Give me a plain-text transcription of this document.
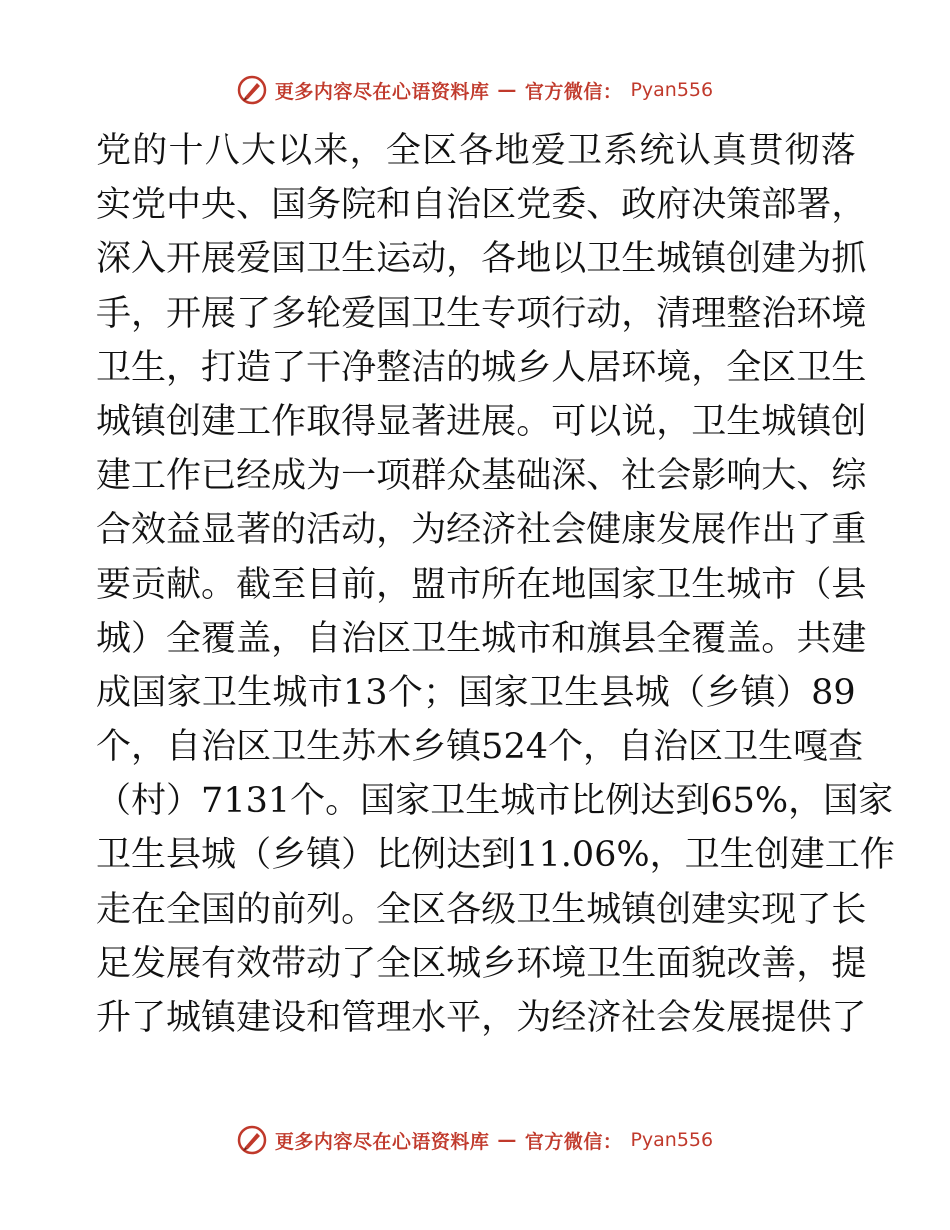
更多内容尽在心语资料库 — 官方微信： Pyan556
党 的 十 八 大 以 来 ， 全 区 各 地 爱 卫 系 统 认 真 贯 彻 落
实 党 中 央 、 国 务 院 和 自 治 区 党 委 、 政 府 决 策 部 署 ，
深 入 开 展 爱 国 卫 生 运 动 ， 各 地 以 卫 生 城 镇 创 建 为 抓
手 ， 开 展 了 多 轮 爱 国 卫 生 专 项 行 动 ， 清 理 整 治 环 境
卫 生 ， 打 造 了 干 净 整 洁 的 城 乡 人 居 环 境 ， 全 区 卫 生
城 镇 创 建 工 作 取 得 显 著 进 展 。 可 以 说 ， 卫 生 城 镇 创
建 工 作 已 经 成 为 一 项 群 众 基 础 深 、 社 会 影 响 大 、 综
合 效 益 显 著 的 活 动 ， 为 经 济 社 会 健 康 发 展 作 出 了 重
要 贡 献 。 截 至 目 前 ， 盟 市 所 在 地 国 家 卫 生 城 市 （ 县
城 ） 全 覆 盖 ， 自 治 区 卫 生 城 市 和 旗 县 全 覆 盖 。 共 建
成 国 家 卫 生 城 市 13 个 ； 国 家 卫 生 县 城 （ 乡 镇 ） 89
个 ， 自 治 区 卫 生 苏 木 乡 镇 524 个 ， 自 治 区 卫 生 嘎 查
（ 村 ） 7131 个 。 国 家 卫 生 城 市 比 例 达 到 65% ， 国 家
卫 生 县 城 （ 乡 镇 ） 比 例 达 到 11.06% ， 卫 生 创 建 工 作
走 在 全 国 的 前 列 。 全 区 各 级 卫 生 城 镇 创 建 实 现 了 长
足 发 展 有 效 带 动 了 全 区 城 乡 环 境 卫 生 面 貌 改 善 ， 提
升 了 城 镇 建 设 和 管 理 水 平 ， 为 经 济 社 会 发 展 提 供 了
更多内容尽在心语资料库 — 官方微信： Pyan556
